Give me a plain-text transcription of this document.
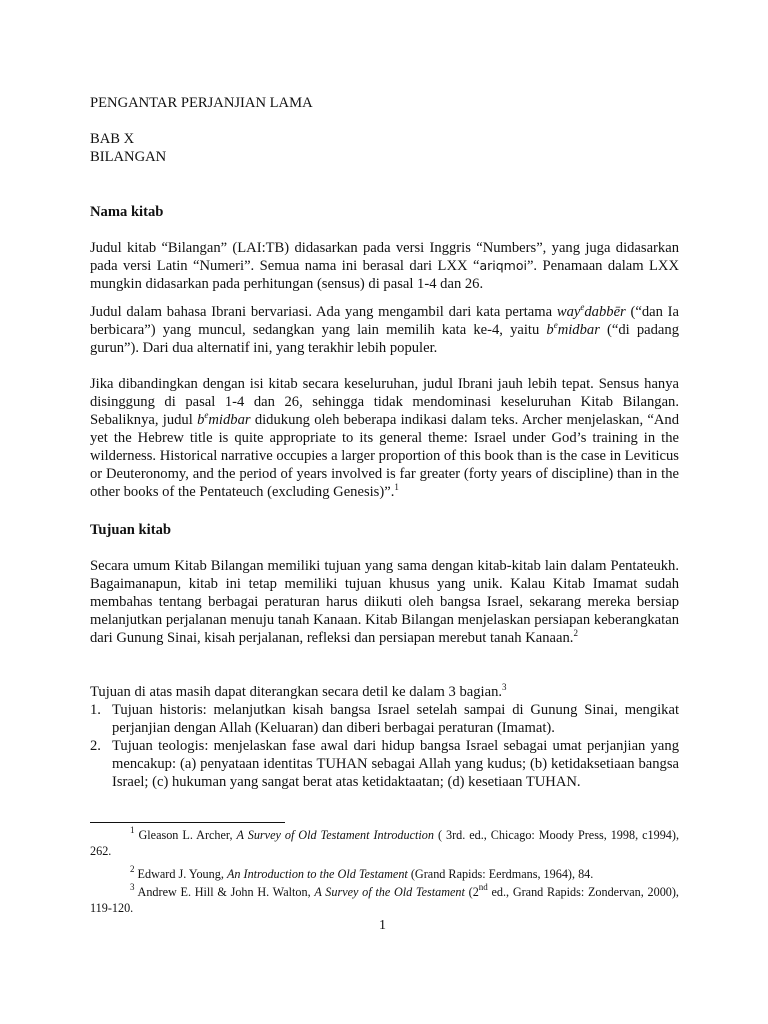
PENGANTAR PERJANJIAN LAMA

BAB X

BILANGAN

Nama kitab

Judul kitab “Bilangan” (LAI:TB) didasarkan pada versi Inggris “Numbers”, yang juga didasarkan pada versi Latin “Numeri”. Semua nama ini berasal dari LXX “ariqmoi”. Penamaan dalam LXX mungkin didasarkan pada perhitungan (sensus) di pasal 1-4 dan 26.

Judul dalam bahasa Ibrani bervariasi. Ada yang mengambil dari kata pertama way$^e$dabbēr (“dan Ia berbicara”) yang muncul, sedangkan yang lain memilih kata ke-4, yaitu $b^emidbar$ (“di padang gurun”). Dari dua alternatif ini, yang terakhir lebih populer.

Jika dibandingkan dengan isi kitab secara keseluruhan, judul Ibrani jauh lebih tepat. Sensus hanya disinggung di pasal 1-4 dan 26, sehingga tidak mendominasi keseluruhan Kitab Bilangan. Sebaliknya, judul $b^emidbar$ didukung oleh beberapa indikasi dalam teks. Archer menjelaskan, “And yet the Hebrew title is quite appropriate to its general theme: Israel under God’s training in the wilderness. Historical narrative occupies a larger proportion of this book than is the case in Leviticus or Deuteronomy, and the period of years involved is far greater (forty years of discipline) than in the other books of the Pentateuch (excluding Genesis)”.$^1$

Tujuan kitab

Secara umum Kitab Bilangan memiliki tujuan yang sama dengan kitab-kitab lain dalam Pentateukh. Bagaimanapun, kitab ini tetap memiliki tujuan khusus yang unik. Kalau Kitab Imamat sudah membahas tentang berbagai peraturan harus diikuti oleh bangsa Israel, sekarang mereka bersiap melanjutkan perjalanan menuju tanah Kanaan. Kitab Bilangan menjelaskan persiapan keberangkatan dari Gunung Sinai, kisah perjalanan, refleksi dan persiapan merebut tanah Kanaan.$^2$

Tujuan di atas masih dapat diterangkan secara detil ke dalam 3 bagian.$^3$

1. Tujuan historis: melanjutkan kisah bangsa Israel setelah sampai di Gunung Sinai, mengikat perjanjian dengan Allah (Keluaran) dan diberi berbagai peraturan (Imamat).
2. Tujuan teologis: menjelaskan fase awal dari hidup bangsa Israel sebagai umat perjanjian yang mencakup: (a) penyataan identitas TUHAN sebagai Allah yang kudus; (b) ketidaksetiaan bangsa Israel; (c) hukuman yang sangat berat atas ketidaktaatan; (d) kesetiaan TUHAN.
$^1$ Gleason L. Archer, A Survey of Old Testament Introduction ( 3rd. ed., Chicago: Moody Press, 1998, c1994), 262.
$^2$ Edward J. Young, An Introduction to the Old Testament (Grand Rapids: Eerdmans, 1964), 84.
$^3$ Andrew E. Hill & John H. Walton, A Survey of the Old Testament (2nd ed., Grand Rapids: Zondervan, 2000), 119-120.
1
